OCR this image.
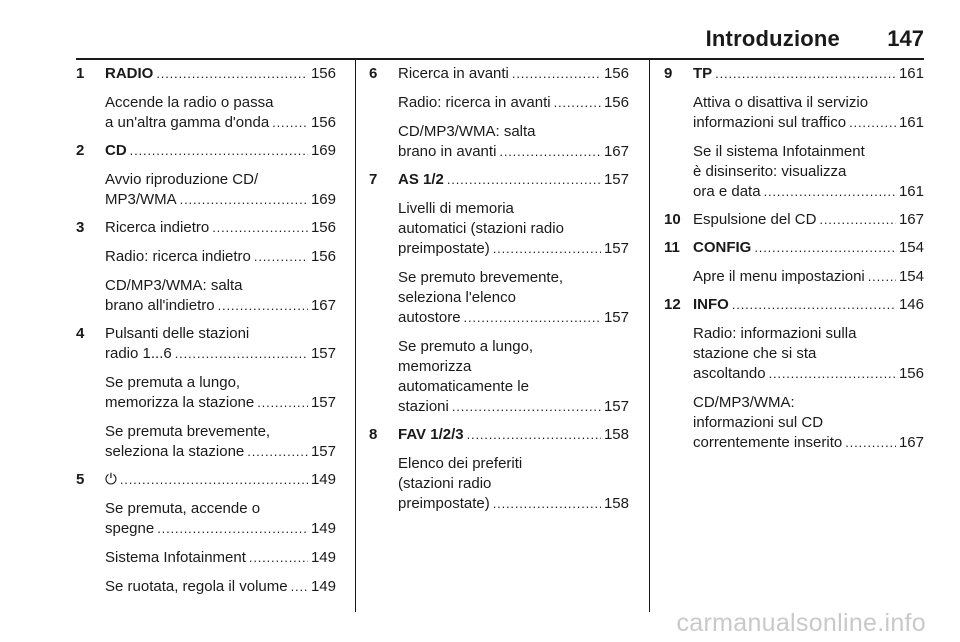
Introduzione 147
1 RADIO . . .	156
Accende la radio o passa
a un'altra gamma d'onda . . .	156
2 CD . . .	169
Avvio riproduzione CD/
MP3/WMA . . .	169
3 Ricerca indietro . . .	156
Radio: ricerca indietro . . .	156
CD/MP3/WMA: salta
brano all'indietro . . .	167
4 Pulsanti delle stazioni
radio 1...6 . . .	157
Se premuta a lungo,
memorizza la stazione . . .	157
Se premuta brevemente,
seleziona la stazione . . .	157
5 ⏻ . . .	149
Se premuta, accende o
spegne . . .	149
Sistema Infotainment . . .	149
Se ruotata, regola il volume . . . 149
6 Ricerca in avanti . . .	156
Radio: ricerca in avanti . . .	156
CD/MP3/WMA: salta
brano in avanti . . .	167
7 AS 1/2 . . .	157
Livelli di memoria
automatici (stazioni radio
preimpostate) . . .	157
Se premuto brevemente,
seleziona l'elenco
autostore . . .	157
Se premuto a lungo,
memorizza
automaticamente le
stazioni . . .	157
8 FAV 1/2/3 . . .	158
Elenco dei preferiti
(stazioni radio
preimpostate) . . .	158
9 TP . . .	161
Attiva o disattiva il servizio
informazioni sul traffico . . .	161
Se il sistema Infotainment
è disinserito: visualizza
ora e data . . .	161
10 Espulsione del CD . . .	167
11 CONFIG . . .	154
Apre il menu impostazioni . . . 154
12 INFO . . .	146
Radio: informazioni sulla
stazione che si sta
ascoltando . . .	156
CD/MP3/WMA:
informazioni sul CD
correntemente inserito . . .	167
carmanualsonline.info
